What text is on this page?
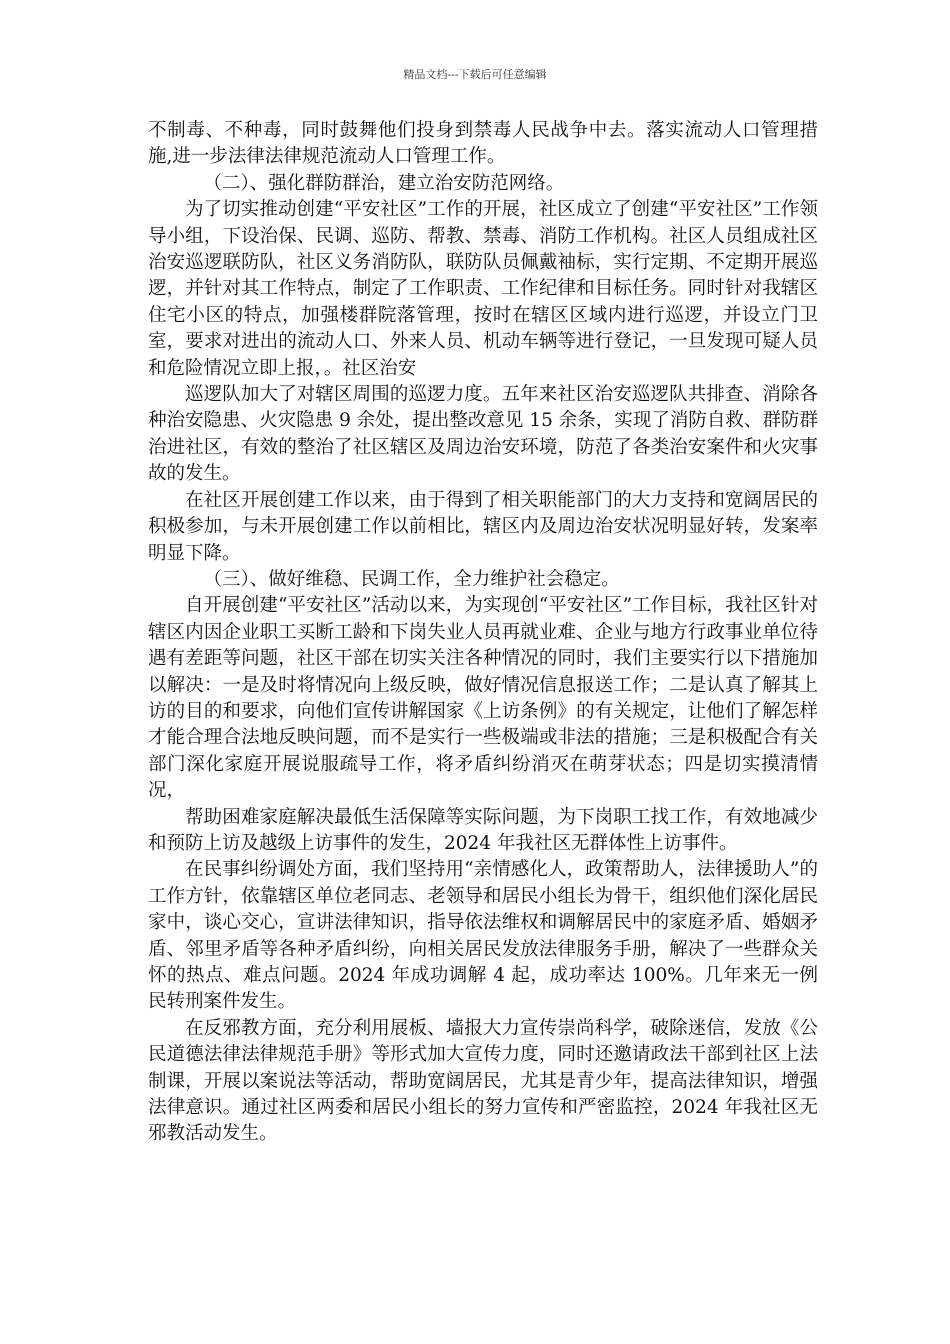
精品文档---下载后可任意编辑

不制毒、不种毒，同时鼓舞他们投身到禁毒人民战争中去。落实流动人口管理措施,进一步法律法律规范流动人口管理工作。

（二）、强化群防群治，建立治安防范网络。

为了切实推动创建“平安社区”工作的开展，社区成立了创建“平安社区”工作领导小组，下设治保、民调、巡防、帮教、禁毒、消防工作机构。社区人员组成社区治安巡逻联防队，社区义务消防队，联防队员佩戴袖标，实行定期、不定期开展巡逻，并针对其工作特点，制定了工作职责、工作纪律和目标任务。同时针对我辖区住宅小区的特点，加强楼群院落管理，按时在辖区区域内进行巡逻，并设立门卫室，要求对进出的流动人口、外来人员、机动车辆等进行登记，一旦发现可疑人员和危险情况立即上报，。社区治安

巡逻队加大了对辖区周围的巡逻力度。五年来社区治安巡逻队共排查、消除各种治安隐患、火灾隐患 9 余处，提出整改意见 15 余条，实现了消防自救、群防群治进社区，有效的整治了社区辖区及周边治安环境，防范了各类治安案件和火灾事故的发生。

在社区开展创建工作以来，由于得到了相关职能部门的大力支持和宽阔居民的积极参加，与未开展创建工作以前相比，辖区内及周边治安状况明显好转，发案率明显下降。

（三）、做好维稳、民调工作，全力维护社会稳定。

自开展创建“平安社区”活动以来，为实现创“平安社区”工作目标，我社区针对辖区内因企业职工买断工龄和下岗失业人员再就业难、企业与地方行政事业单位待遇有差距等问题，社区干部在切实关注各种情况的同时，我们主要实行以下措施加以解决：一是及时将情况向上级反映，做好情况信息报送工作；二是认真了解其上访的目的和要求，向他们宣传讲解国家《上访条例》的有关规定，让他们了解怎样才能合理合法地反映问题，而不是实行一些极端或非法的措施；三是积极配合有关部门深化家庭开展说服疏导工作，将矛盾纠纷消灭在萌芽状态；四是切实摸清情况，

帮助困难家庭解决最低生活保障等实际问题，为下岗职工找工作，有效地减少和预防上访及越级上访事件的发生，2024 年我社区无群体性上访事件。

在民事纠纷调处方面，我们坚持用“亲情感化人，政策帮助人，法律援助人”的工作方针，依靠辖区单位老同志、老领导和居民小组长为骨干，组织他们深化居民家中，谈心交心，宣讲法律知识，指导依法维权和调解居民中的家庭矛盾、婚姻矛盾、邻里矛盾等各种矛盾纠纷，向相关居民发放法律服务手册，解决了一些群众关怀的热点、难点问题。2024 年成功调解 4 起，成功率达 100%。几年来无一例民转刑案件发生。

在反邪教方面，充分利用展板、墙报大力宣传崇尚科学，破除迷信，发放《公民道德法律法律规范手册》等形式加大宣传力度，同时还邀请政法干部到社区上法制课，开展以案说法等活动，帮助宽阔居民，尤其是青少年，提高法律知识，增强法律意识。通过社区两委和居民小组长的努力宣传和严密监控，2024 年我社区无邪教活动发生。
